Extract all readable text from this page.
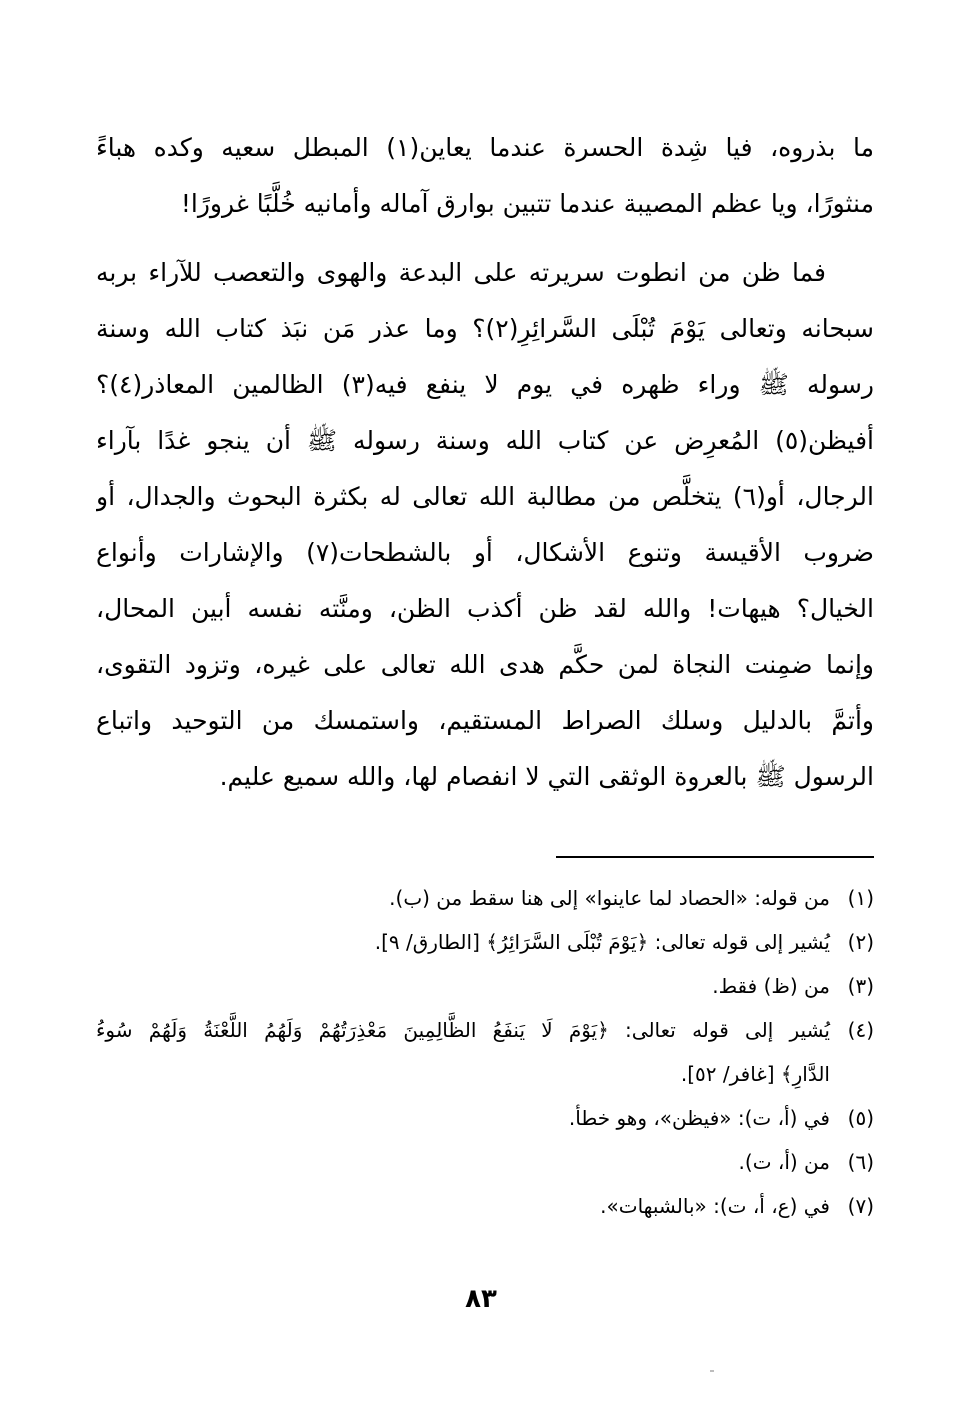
ما بذروه، فيا شِدة الحسرة عندما يعاين(١) المبطل سعيه وكده هباءً
منثورًا، ويا عظم المصيبة عندما تتبين بوارق آماله وأمانيه خُلَّبًا غرورًا!
فما ظن من انطوت سريرته على البدعة والهوى والتعصب للآراء بربه
سبحانه وتعالى يَوْمَ تُبْلَى السَّرائِرِ(٢)؟ وما عذر مَن نبَذ كتاب الله وسنة
رسوله ﷺ وراء ظهره في يوم لا ينفع فيه(٣) الظالمين المعاذر(٤)؟
أفيظن(٥) المُعرِض عن كتاب الله وسنة رسوله ﷺ أن ينجو غدًا بآراء
الرجال، أو(٦) يتخلَّص من مطالبة الله تعالى له بكثرة البحوث والجدال، أو
ضروب الأقيسة وتنوع الأشكال، أو بالشطحات(٧) والإشارات وأنواع
الخيال؟ هيهات! والله لقد ظن أكذب الظن، ومنَّته نفسه أبين المحال،
وإنما ضمِنت النجاة لمن حكَّم هدى الله تعالى على غيره، وتزود التقوى،
وأتمَّ بالدليل وسلك الصراط المستقيم، واستمسك من التوحيد واتباع
الرسول ﷺ بالعروة الوثقى التي لا انفصام لها، والله سميع عليم.
(١)
من قوله: «الحصاد لما عاينوا» إلى هنا سقط من (ب).
(٢)
يُشير إلى قوله تعالى: ﴿يَوْمَ تُبْلَى السَّرَائِرُ﴾ [الطارق/ ٩].
(٣)
من (ظ) فقط.
(٤)
يُشير إلى قوله تعالى: ﴿يَوْمَ لَا يَنفَعُ الظَّالِمِينَ مَعْذِرَتُهُمْ وَلَهُمُ اللَّعْنَةُ وَلَهُمْ سُوءُ
الدَّارِ﴾ [غافر/ ٥٢].
(٥)
في (أ، ت): «فيظن»، وهو خطأ.
(٦)
من (أ، ت).
(٧)
في (ع، أ، ت): «بالشبهات».
٨٣
